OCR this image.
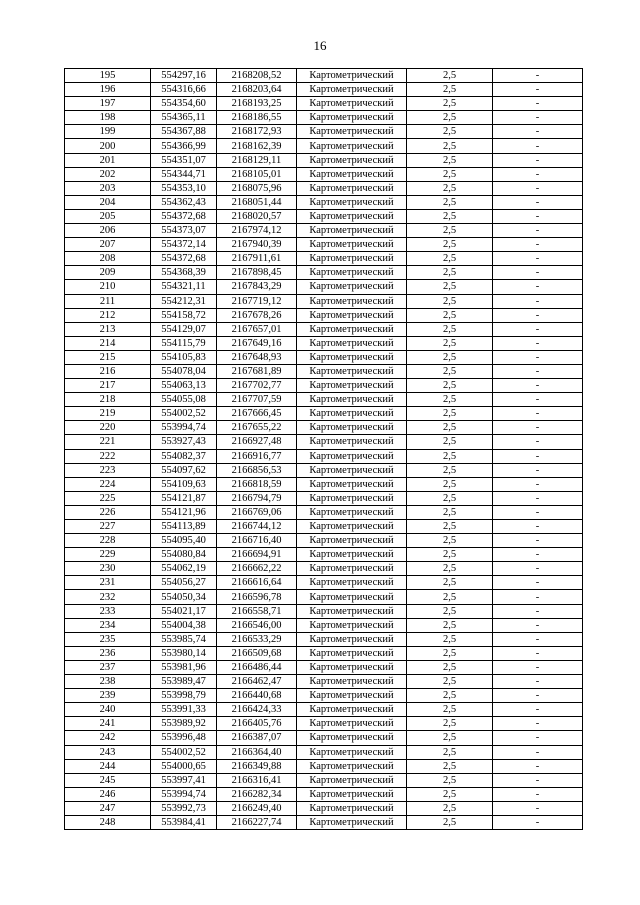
16
195	554297,16	2168208,52	Картометрический	2,5	-
196	554316,66	2168203,64	Картометрический	2,5	-
197	554354,60	2168193,25	Картометрический	2,5	-
198	554365,11	2168186,55	Картометрический	2,5	-
199	554367,88	2168172,93	Картометрический	2,5	-
200	554366,99	2168162,39	Картометрический	2,5	-
201	554351,07	2168129,11	Картометрический	2,5	-
202	554344,71	2168105,01	Картометрический	2,5	-
203	554353,10	2168075,96	Картометрический	2,5	-
204	554362,43	2168051,44	Картометрический	2,5	-
205	554372,68	2168020,57	Картометрический	2,5	-
206	554373,07	2167974,12	Картометрический	2,5	-
207	554372,14	2167940,39	Картометрический	2,5	-
208	554372,68	2167911,61	Картометрический	2,5	-
209	554368,39	2167898,45	Картометрический	2,5	-
210	554321,11	2167843,29	Картометрический	2,5	-
211	554212,31	2167719,12	Картометрический	2,5	-
212	554158,72	2167678,26	Картометрический	2,5	-
213	554129,07	2167657,01	Картометрический	2,5	-
214	554115,79	2167649,16	Картометрический	2,5	-
215	554105,83	2167648,93	Картометрический	2,5	-
216	554078,04	2167681,89	Картометрический	2,5	-
217	554063,13	2167702,77	Картометрический	2,5	-
218	554055,08	2167707,59	Картометрический	2,5	-
219	554002,52	2167666,45	Картометрический	2,5	-
220	553994,74	2167655,22	Картометрический	2,5	-
221	553927,43	2166927,48	Картометрический	2,5	-
222	554082,37	2166916,77	Картометрический	2,5	-
223	554097,62	2166856,53	Картометрический	2,5	-
224	554109,63	2166818,59	Картометрический	2,5	-
225	554121,87	2166794,79	Картометрический	2,5	-
226	554121,96	2166769,06	Картометрический	2,5	-
227	554113,89	2166744,12	Картометрический	2,5	-
228	554095,40	2166716,40	Картометрический	2,5	-
229	554080,84	2166694,91	Картометрический	2,5	-
230	554062,19	2166662,22	Картометрический	2,5	-
231	554056,27	2166616,64	Картометрический	2,5	-
232	554050,34	2166596,78	Картометрический	2,5	-
233	554021,17	2166558,71	Картометрический	2,5	-
234	554004,38	2166546,00	Картометрический	2,5	-
235	553985,74	2166533,29	Картометрический	2,5	-
236	553980,14	2166509,68	Картометрический	2,5	-
237	553981,96	2166486,44	Картометрический	2,5	-
238	553989,47	2166462,47	Картометрический	2,5	-
239	553998,79	2166440,68	Картометрический	2,5	-
240	553991,33	2166424,33	Картометрический	2,5	-
241	553989,92	2166405,76	Картометрический	2,5	-
242	553996,48	2166387,07	Картометрический	2,5	-
243	554002,52	2166364,40	Картометрический	2,5	-
244	554000,65	2166349,88	Картометрический	2,5	-
245	553997,41	2166316,41	Картометрический	2,5	-
246	553994,74	2166282,34	Картометрический	2,5	-
247	553992,73	2166249,40	Картометрический	2,5	-
248	553984,41	2166227,74	Картометрический	2,5	-
